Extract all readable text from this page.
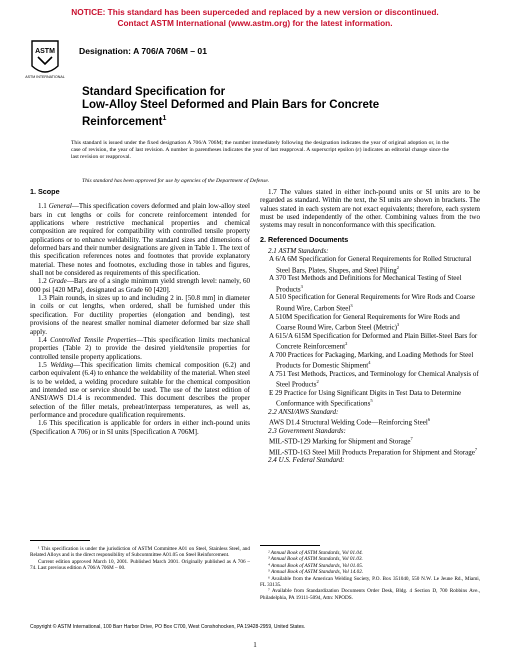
NOTICE: This standard has been superceded and replaced by a new version or discontinued.
Contact ASTM International (www.astm.org) for the latest information.
ASTM
ASTM INTERNATIONAL
Designation: A 706/A 706M – 01
Standard Specification for
Low-Alloy Steel Deformed and Plain Bars for Concrete
Reinforcement$^1$
This standard is issued under the fixed designation A 706/A 706M; the number immediately following the designation indicates the year of original adoption or, in the case of revision, the year of last revision. A number in parentheses indicates the year of last reapproval. A superscript epsilon (ε) indicates an editorial change since the last revision or reapproval.
This standard has been approved for use by agencies of the Department of Defense.

1. Scope

1.1 General—This specification covers deformed and plain low-alloy steel bars in cut lengths or coils for concrete reinforcement intended for applications where restrictive mechanical properties and chemical composition are required for compatibility with controlled tensile property applications or to enhance weldability. The standard sizes and dimensions of deformed bars and their number designations are given in Table 1. The text of this specification references notes and footnotes that provide explanatory material. These notes and footnotes, excluding those in tables and figures, shall not be considered as requirements of this specification.

1.2 Grade—Bars are of a single minimum yield strength level: namely, 60 000 psi [420 MPa], designated as Grade 60 [420].

1.3 Plain rounds, in sizes up to and including 2 in. [50.8 mm] in diameter in coils or cut lengths, when ordered, shall be furnished under this specification. For ductility properties (elongation and bending), test provisions of the nearest smaller nominal diameter deformed bar size shall apply.

1.4 Controlled Tensile Properties—This specification limits mechanical properties (Table 2) to provide the desired yield/tensile properties for controlled tensile property applications.

1.5 Welding—This specification limits chemical composition (6.2) and carbon equivalent (6.4) to enhance the weldability of the material. When steel is to be welded, a welding procedure suitable for the chemical composition and intended use or service should be used. The use of the latest edition of ANSI/AWS D1.4 is recommended. This document describes the proper selection of the filler metals, preheat/interpass temperatures, as well as, performance and procedure qualification requirements.

1.6 This specification is applicable for orders in either inch-pound units (Specification A 706) or in SI units [Specification A 706M].

1.7 The values stated in either inch-pound units or SI units are to be regarded as standard. Within the text, the SI units are shown in brackets. The values stated in each system are not exact equivalents; therefore, each system must be used independently of the other. Combining values from the two systems may result in nonconformance with this specification.

2. Referenced Documents

2.1 ASTM Standards:

A 6/A 6M Specification for General Requirements for Rolled Structural Steel Bars, Plates, Shapes, and Steel Piling$^2$

A 370 Test Methods and Definitions for Mechanical Testing of Steel Products$^3$

A 510 Specification for General Requirements for Wire Rods and Coarse Round Wire, Carbon Steel$^3$

A 510M Specification for General Requirements for Wire Rods and Coarse Round Wire, Carbon Steel (Metric)$^3$

A 615/A 615M Specification for Deformed and Plain Billet-Steel Bars for Concrete Reinforcement$^2$

A 700 Practices for Packaging, Marking, and Loading Methods for Steel Products for Domestic Shipment$^4$

A 751 Test Methods, Practices, and Terminology for Chemical Analysis of Steel Products$^2$

E 29 Practice for Using Significant Digits in Test Data to Determine Conformance with Specifications$^5$

2.2 ANSI/AWS Standard:

AWS D1.4 Structural Welding Code—Reinforcing Steel$^6$

2.3 Government Standards:

MIL-STD-129 Marking for Shipment and Storage$^7$

MIL-STD-163 Steel Mill Products Preparation for Shipment and Storage$^7$

2.4 U.S. Federal Standard:

¹ This specification is under the jurisdiction of ASTM Committee A01 on Steel, Stainless Steel, and Related Alloys and is the direct responsibility of Subcommittee A01.05 on Steel Reinforcement.

Current edition approved March 10, 2001. Published March 2001. Originally published as A 706 – 74. Last previous edition A 706/A 706M – 00.

² Annual Book of ASTM Standards, Vol 01.04.

³ Annual Book of ASTM Standards, Vol 01.03.

⁴ Annual Book of ASTM Standards, Vol 01.05.

⁵ Annual Book of ASTM Standards, Vol 14.02.

⁶ Available from the American Welding Society, P.O. Box 351040, 550 N.W. Le Jeune Rd., Miami, FL 33135.

⁷ Available from Standardization Documents Order Desk, Bldg. 4 Section D, 700 Robbins Ave., Philadelphia, PA 19111-5094, Attn: NPODS.

Copyright © ASTM International, 100 Barr Harbor Drive, PO Box C700, West Conshohocken, PA 19428-2959, United States.
1
